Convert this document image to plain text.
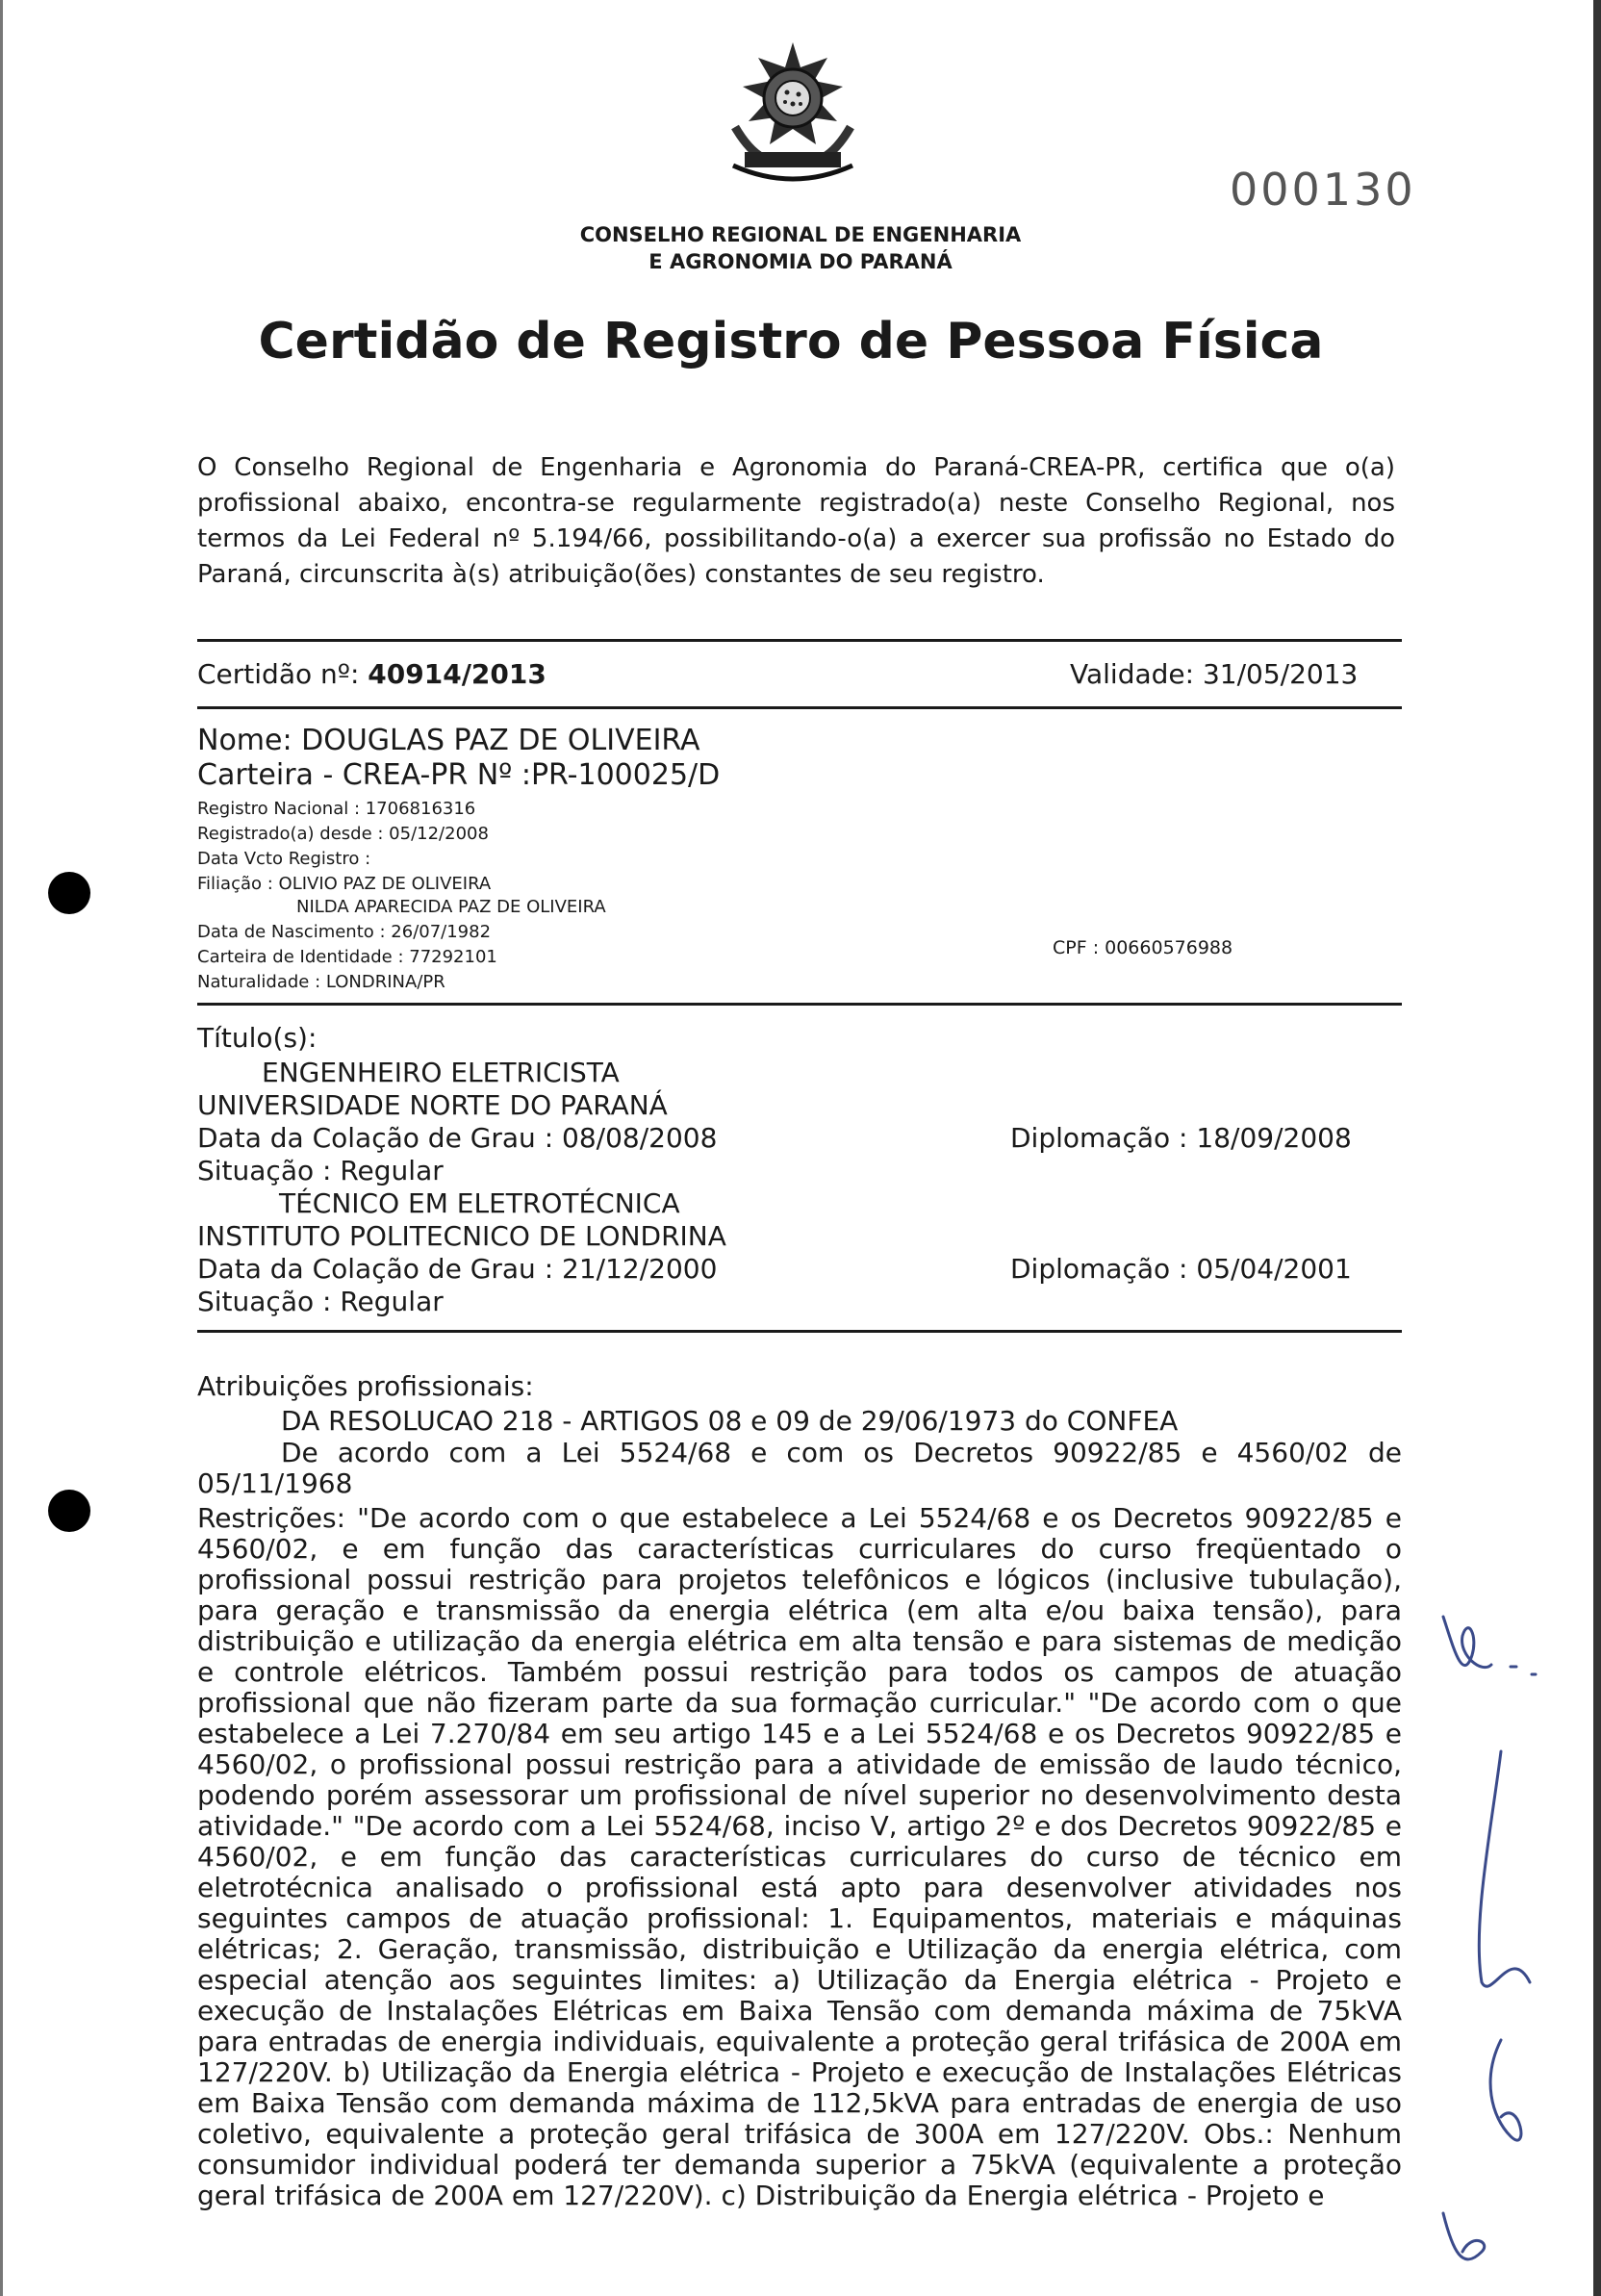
000130
CONSELHO REGIONAL DE ENGENHARIA
E AGRONOMIA DO PARANÁ
Certidão de Registro de Pessoa Física
O Conselho Regional de Engenharia e Agronomia do Paraná-CREA-PR, certifica que o(a) profissional abaixo, encontra-se regularmente registrado(a) neste Conselho Regional, nos termos da Lei Federal nº 5.194/66, possibilitando-o(a) a exercer sua profissão no Estado do Paraná, circunscrita à(s) atribuição(ões) constantes de seu registro.
Certidão nº: 40914/2013	Validade: 31/05/2013
Nome: DOUGLAS PAZ DE OLIVEIRA
Carteira - CREA-PR Nº :PR-100025/D
Registro Nacional : 1706816316
Registrado(a) desde : 05/12/2008
Data Vcto Registro :
Filiação : OLIVIO PAZ DE OLIVEIRA
NILDA APARECIDA PAZ DE OLIVEIRA
Data de Nascimento : 26/07/1982
Carteira de Identidade : 77292101	CPF : 00660576988
Naturalidade : LONDRINA/PR
Título(s):
ENGENHEIRO ELETRICISTA
UNIVERSIDADE NORTE DO PARANÁ
Data da Colação de Grau : 08/08/2008	Diplomação : 18/09/2008
Situação : Regular
TÉCNICO EM ELETROTÉCNICA
INSTITUTO POLITECNICO DE LONDRINA
Data da Colação de Grau : 21/12/2000	Diplomação : 05/04/2001
Situação : Regular
Atribuições profissionais:
DA RESOLUCAO 218 - ARTIGOS 08 e 09 de 29/06/1973 do CONFEA
De acordo com a Lei 5524/68 e com os Decretos 90922/85 e 4560/02 de 05/11/1968
Restrições: "De acordo com o que estabelece a Lei 5524/68 e os Decretos 90922/85 e 4560/02, e em função das características curriculares do curso freqüentado o profissional possui restrição para projetos telefônicos e lógicos (inclusive tubulação), para geração e transmissão da energia elétrica (em alta e/ou baixa tensão), para distribuição e utilização da energia elétrica em alta tensão e para sistemas de medição e controle elétricos. Também possui restrição para todos os campos de atuação profissional que não fizeram parte da sua formação curricular." "De acordo com o que estabelece a Lei 7.270/84 em seu artigo 145 e a Lei 5524/68 e os Decretos 90922/85 e 4560/02, o profissional possui restrição para a atividade de emissão de laudo técnico, podendo porém assessorar um profissional de nível superior no desenvolvimento desta atividade." "De acordo com a Lei 5524/68, inciso V, artigo 2º e dos Decretos 90922/85 e 4560/02, e em função das características curriculares do curso de técnico em eletrotécnica analisado o profissional está apto para desenvolver atividades nos seguintes campos de atuação profissional: 1. Equipamentos, materiais e máquinas elétricas; 2. Geração, transmissão, distribuição e Utilização da energia elétrica, com especial atenção aos seguintes limites: a) Utilização da Energia elétrica - Projeto e execução de Instalações Elétricas em Baixa Tensão com demanda máxima de 75kVA para entradas de energia individuais, equivalente a proteção geral trifásica de 200A em 127/220V. b) Utilização da Energia elétrica - Projeto e execução de Instalações Elétricas em Baixa Tensão com demanda máxima de 112,5kVA para entradas de energia de uso coletivo, equivalente a proteção geral trifásica de 300A em 127/220V. Obs.: Nenhum consumidor individual poderá ter demanda superior a 75kVA (equivalente a proteção geral trifásica de 200A em 127/220V). c) Distribuição da Energia elétrica - Projeto e
